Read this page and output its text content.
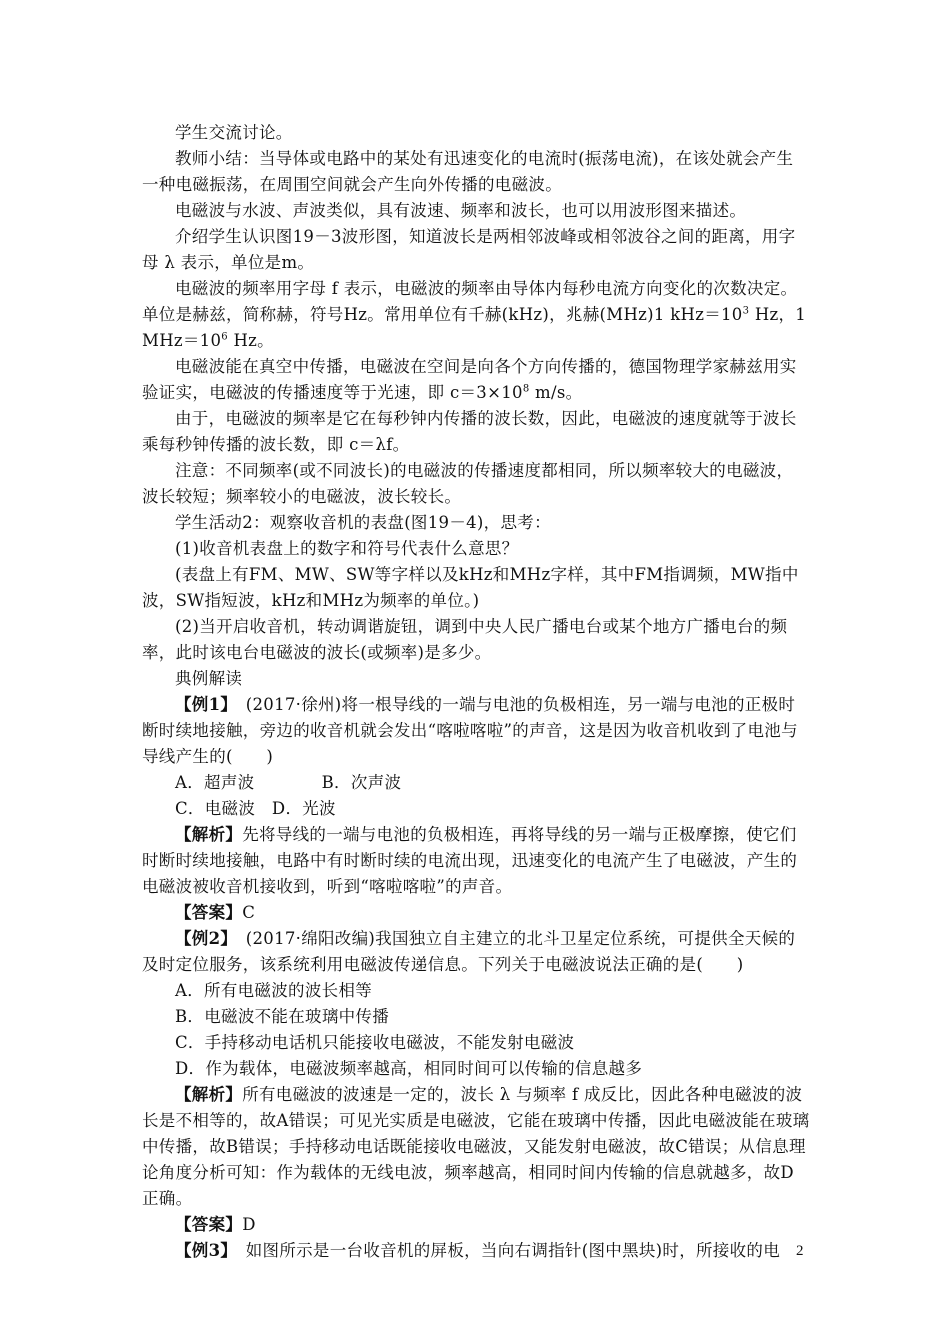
学生交流讨论。

教师小结：当导体或电路中的某处有迅速变化的电流时(振荡电流)，在该处就会产生一种电磁振荡，在周围空间就会产生向外传播的电磁波。

电磁波与水波、声波类似，具有波速、频率和波长，也可以用波形图来描述。

介绍学生认识图19－3波形图，知道波长是两相邻波峰或相邻波谷之间的距离，用字母 λ 表示，单位是m。

电磁波的频率用字母 f 表示，电磁波的频率由导体内每秒电流方向变化的次数决定。单位是赫兹，简称赫，符号Hz。常用单位有千赫(kHz)，兆赫(MHz)1 $kHz=10^3$ Hz，1 $MHz=10^6$ Hz。

电磁波能在真空中传播，电磁波在空间是向各个方向传播的，德国物理学家赫兹用实验证实，电磁波的传播速度等于光速，即 $c=3\times 10^8$ m/s。

由于，电磁波的频率是它在每秒钟内传播的波长数，因此，电磁波的速度就等于波长乘每秒钟传播的波长数，即 c＝λf。

注意：不同频率(或不同波长)的电磁波的传播速度都相同，所以频率较大的电磁波，波长较短；频率较小的电磁波，波长较长。

学生活动2：观察收音机的表盘(图19－4)，思考：

(1)收音机表盘上的数字和符号代表什么意思？

(表盘上有FM、MW、SW等字样以及kHz和MHz字样，其中FM指调频，MW指中波，SW指短波，kHz和MHz为频率的单位。)

(2)当开启收音机，转动调谐旋钮，调到中央人民广播电台或某个地方广播电台的频率，此时该电台电磁波的波长(或频率)是多少。

典例解读

【例1】　(2017·徐州)将一根导线的一端与电池的负极相连，另一端与电池的正极时断时续地接触，旁边的收音机就会发出“喀啦喀啦”的声音，这是因为收音机收到了电池与导线产生的(　　)

A．超声波　　　　B．次声波

C．电磁波　D．光波

【解析】先将导线的一端与电池的负极相连，再将导线的另一端与正极摩擦，使它们时断时续地接触，电路中有时断时续的电流出现，迅速变化的电流产生了电磁波，产生的电磁波被收音机接收到，听到“喀啦喀啦”的声音。

【答案】C

【例2】　(2017·绵阳改编)我国独立自主建立的北斗卫星定位系统，可提供全天候的及时定位服务，该系统利用电磁波传递信息。下列关于电磁波说法正确的是(　　)

A．所有电磁波的波长相等

B．电磁波不能在玻璃中传播

C．手持移动电话机只能接收电磁波，不能发射电磁波

D．作为载体，电磁波频率越高，相同时间可以传输的信息越多

【解析】所有电磁波的波速是一定的，波长 λ 与频率 f 成反比，因此各种电磁波的波长是不相等的，故A错误；可见光实质是电磁波，它能在玻璃中传播，因此电磁波能在玻璃中传播，故B错误；手持移动电话既能接收电磁波，又能发射电磁波，故C错误；从信息理论角度分析可知：作为载体的无线电波，频率越高，相同时间内传输的信息就越多，故D正确。

【答案】D

【例3】　如图所示是一台收音机的屏板，当向右调指针(图中黑块)时，所接收的电	2
